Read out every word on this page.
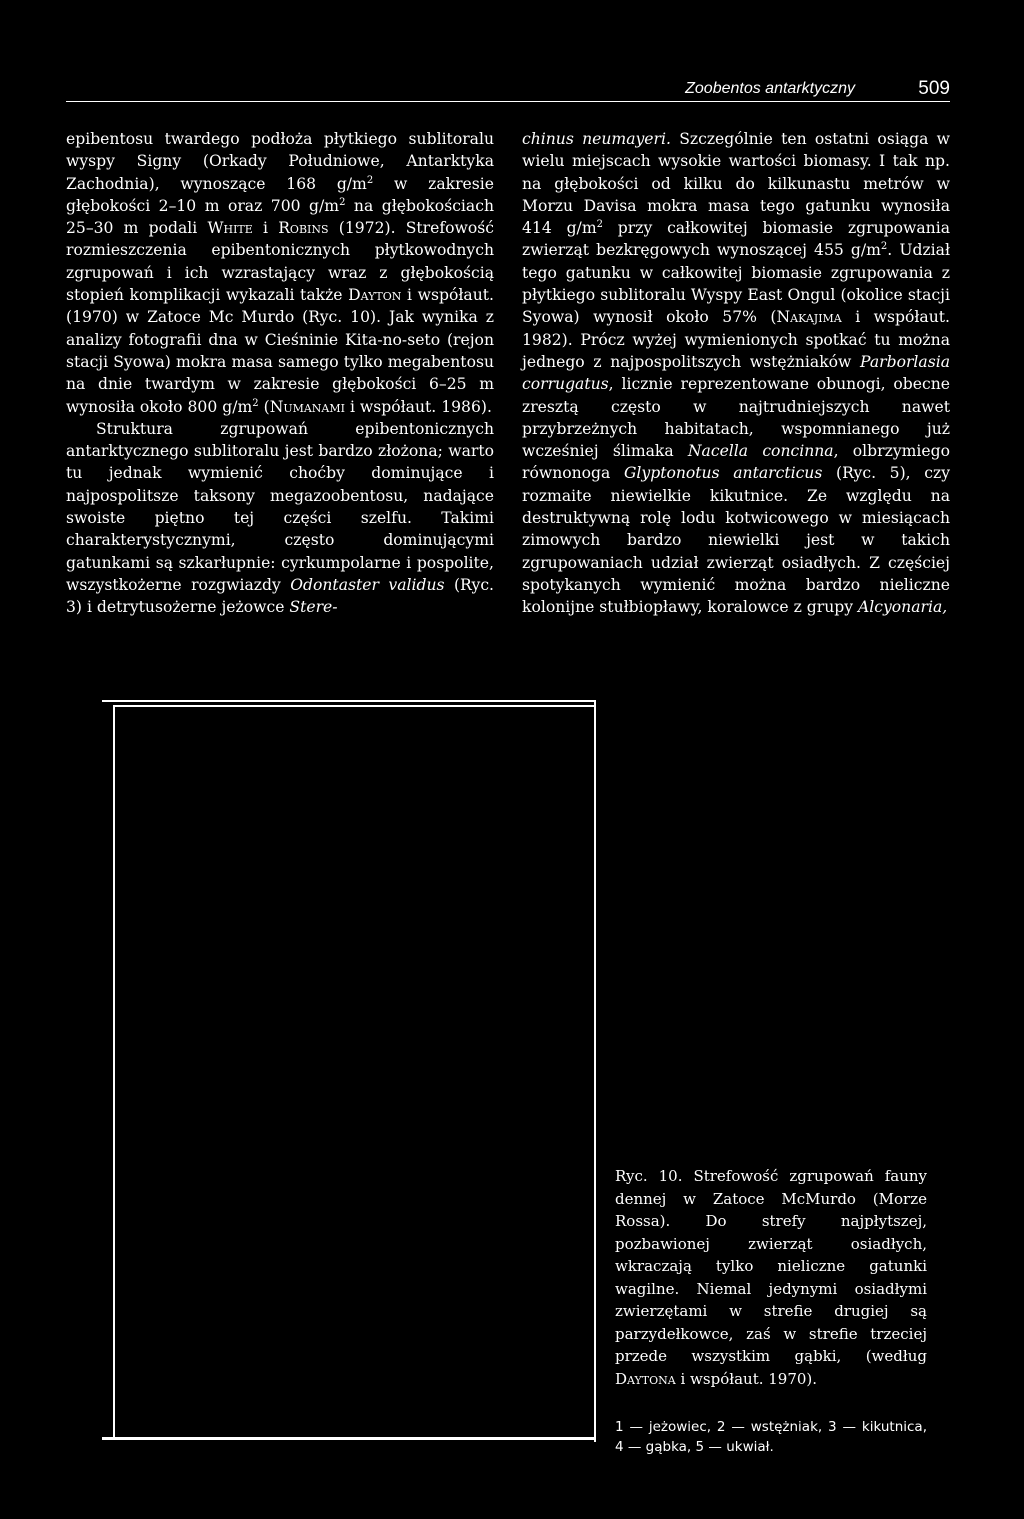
Zoobentos antarktyczny	509

epibentosu twardego podłoża płytkiego sublitoralu wyspy Signy (Orkady Południowe, Antarktyka Zachodnia), wynoszące 168 $g/m^2$ w zakresie głębokości 2–10 m oraz 700 $g/m^2$ na głębokościach 25–30 m podali White i Robins (1972). Strefowość rozmieszczenia epibentonicznych płytkowodnych zgrupowań i ich wzrastający wraz z głębokością stopień komplikacji wykazali także Dayton i współaut. (1970) w Zatoce Mc Murdo (Ryc. 10). Jak wynika z analizy fotografii dna w Cieśninie Kita-no-seto (rejon stacji Syowa) mokra masa samego tylko megabentosu na dnie twardym w zakresie głębokości 6–25 m wynosiła około 800 $g/m^2$ (Numanami i współaut. 1986).

Struktura zgrupowań epibentonicznych antarktycznego sublitoralu jest bardzo złożona; warto tu jednak wymienić choćby dominujące i najpospolitsze taksony megazoobentosu, nadające swoiste piętno tej części szelfu. Takimi charakterystycznymi, często dominującymi gatunkami są szkarłupnie: cyrkumpolarne i pospolite, wszystkożerne rozgwiazdy Odontaster validus (Ryc. 3) i detrytusożerne jeżowce Stere-

chinus neumayeri. Szczególnie ten ostatni osiąga w wielu miejscach wysokie wartości biomasy. I tak np. na głębokości od kilku do kilkunastu metrów w Morzu Davisa mokra masa tego gatunku wynosiła 414 $g/m^2$ przy całkowitej biomasie zgrupowania zwierząt bezkręgowych wynoszącej 455 $g/m^2$. Udział tego gatunku w całkowitej biomasie zgrupowania z płytkiego sublitoralu Wyspy East Ongul (okolice stacji Syowa) wynosił około 57% (Nakajima i współaut. 1982). Prócz wyżej wymienionych spotkać tu można jednego z najpospolitszych wstężniaków Parborlasia corrugatus, licznie reprezentowane obunogi, obecne zresztą często w najtrudniejszych nawet przybrzeżnych habitatach, wspomnianego już wcześniej ślimaka Nacella concinna, olbrzymiego równonoga Glyptonotus antarcticus (Ryc. 5), czy rozmaite niewielkie kikutnice. Ze względu na destruktywną rolę lodu kotwicowego w miesiącach zimowych bardzo niewielki jest w takich zgrupowaniach udział zwierząt osiadłych. Z częściej spotykanych wymienić można bardzo nieliczne kolonijne stułbiopławy, koralowce z grupy Alcyonaria,

Ryc. 10. Strefowość zgrupowań fauny dennej w Zatoce McMurdo (Morze Rossa). Do strefy najpłytszej, pozbawionej zwierząt osiadłych, wkraczają tylko nieliczne gatunki wagilne. Niemal jedynymi osiadłymi zwierzętami w strefie drugiej są parzydełkowce, zaś w strefie trzeciej przede wszystkim gąbki, (według Daytona i współaut. 1970).
1 — jeżowiec, 2 — wstężniak, 3 — kikutnica, 4 — gąbka, 5 — ukwiał.
